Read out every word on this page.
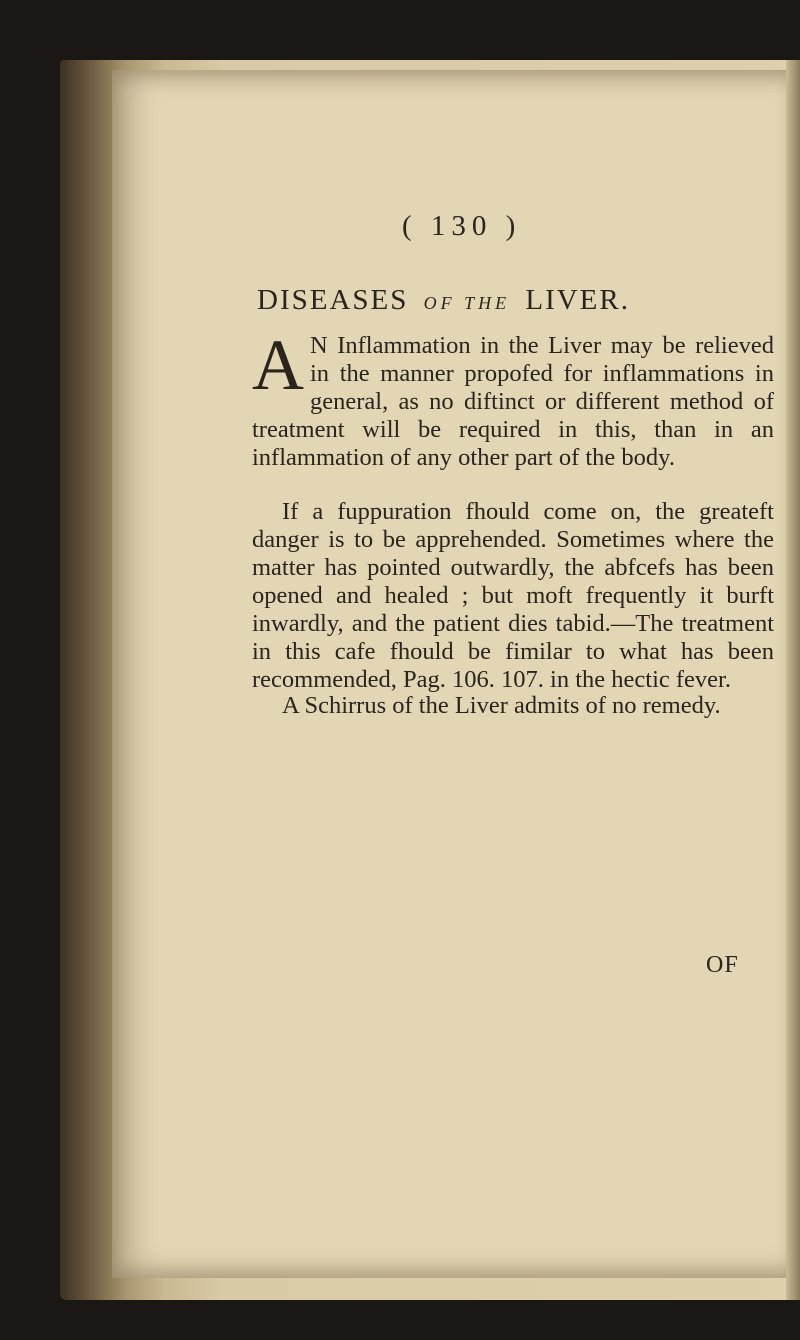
( 130 )
DISEASES OF THE LIVER.
A N Inflammation in the Liver may be relieved in the manner propofed for inflammations in general, as no diftinct or different method of treatment will be required in this, than in an inflammation of any other part of the body.
If a fuppuration fhould come on, the greateft danger is to be apprehended. Sometimes where the matter has pointed outwardly, the abfcefs has been opened and healed ; but moft frequently it burft inwardly, and the patient dies tabid.—The treatment in this cafe fhould be fimilar to what has been recommended, Pag. 106. 107. in the hectic fever.
A Schirrus of the Liver admits of no remedy.
OF
